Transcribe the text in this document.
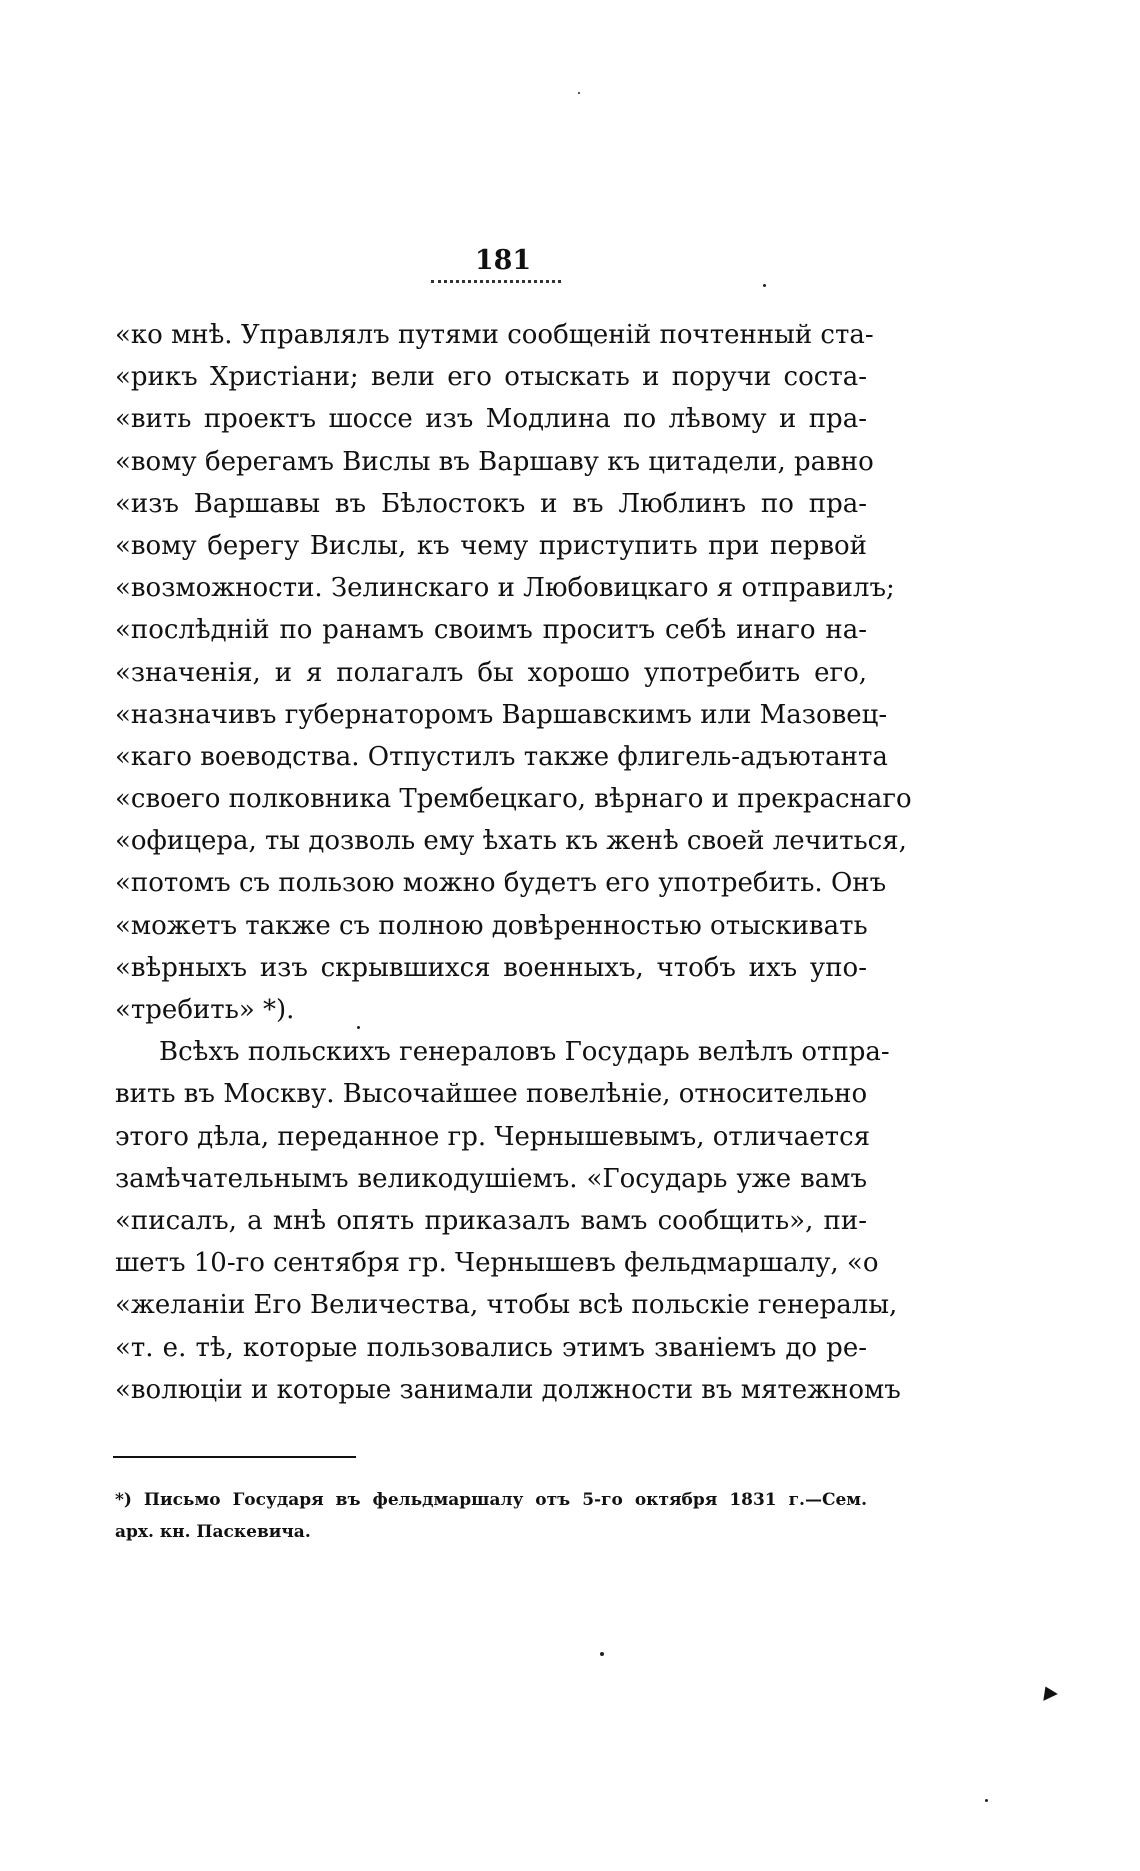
181
«ко мнѣ. Управлялъ путями сообщенiй почтенный ста-
«рикъ Христiани; вели его отыскать и поручи соста-
«вить проектъ шоссе изъ Модлина по лѣвому и пра-
«вому берегамъ Вислы въ Варшаву къ цитадели, равно
«изъ Варшавы въ Бѣлостокъ и въ Люблинъ по пра-
«вому берегу Вислы, къ чему приступить при первой
«возможности. Зелинскаго и Любовицкаго я отправилъ;
«послѣднiй по ранамъ своимъ проситъ себѣ инаго на-
«значенiя, и я полагалъ бы хорошо употребить его,
«назначивъ губернаторомъ Варшавскимъ или Мазовец-
«каго воеводства. Отпустилъ также флигель-адъютанта
«своего полковника Трембецкаго, вѣрнаго и прекраснаго
«офицера, ты дозволь ему ѣхать къ женѣ своей лечиться,
«потомъ съ пользою можно будетъ его употребить. Онъ
«можетъ также съ полною довѣренностью отыскивать
«вѣрныхъ изъ скрывшихся военныхъ, чтобъ ихъ упо-
«требить» *).
Всѣхъ польскихъ генераловъ Государь велѣлъ отпра-
вить въ Москву. Высочайшее повелѣнiе, относительно
этого дѣла, переданное гр. Чернышевымъ, отличается
замѣчательнымъ великодушiемъ. «Государь уже вамъ
«писалъ, а мнѣ опять приказалъ вамъ сообщить», пи-
шетъ 10-го сентября гр. Чернышевъ фельдмаршалу, «о
«желанiи Его Величества, чтобы всѣ польскiе генералы,
«т. е. тѣ, которые пользовались этимъ званiемъ до ре-
«волюцiи и которые занимали должности въ мятежномъ
*) Письмо Государя въ фельдмаршалу отъ 5-го октября 1831 г.—Сем.
арх. кн. Паскевича.
